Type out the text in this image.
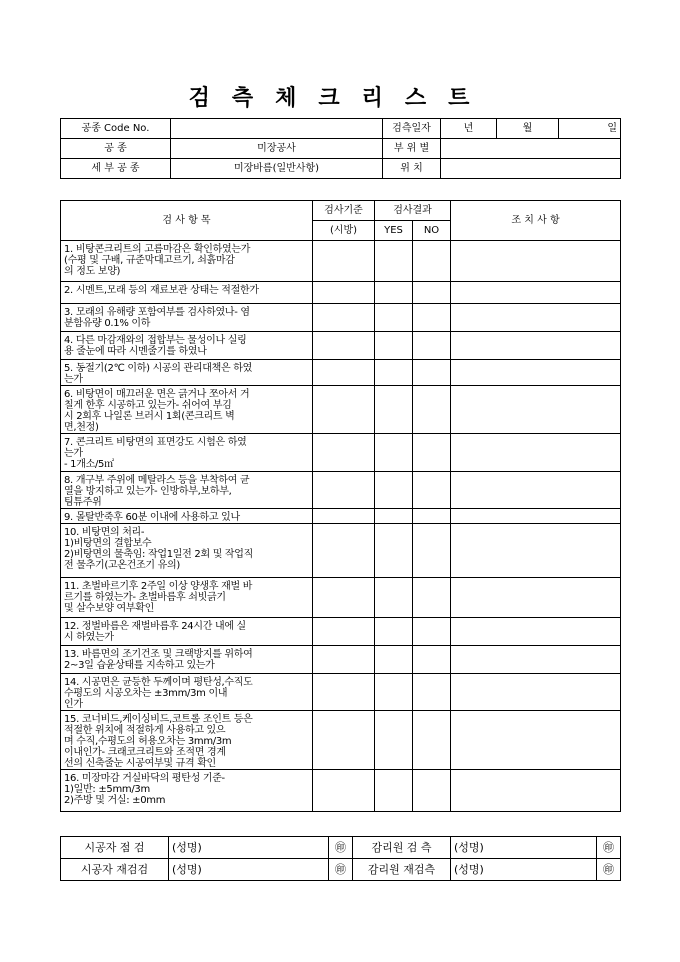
검측체크리스트
공종 Code No.		검측일자	년	월	일
공 종	미장공사	부 위 별			
세 부 공 종	미장바름(일반사항)	위 치			
검 사 항 목	검사기준	검사결과		조 치 사 항
	(시방)	YES	NO	

1. 비탕콘크리트의 고름마감은 확인하였는가
(수평 및 구배, 규준막대고르기, 쇠흙마감
의 정도 보양)				

2. 시멘트,모래 등의 재료보관 상태는 적절한가				

3. 모래의 유해량 포함여부를 검사하였나- 염
분함유량 0.1% 이하				

4. 다른 마감재와의 접합부는 물성이나 실링
용 줄눈에 따라 시멘줄기를 하였나				

5. 동절기(2℃ 이하) 시공의 관리대책은 하였
는가				

6. 비탕면이 매끄러운 면은 긁거나 쪼아서 거
칠게 한후 시공하고 있는가- 쉬어여 부김
시 2회후 나일론 브러시 1회(콘크리트 벽
면,천정)				

7. 콘크리트 비탕면의 표면강도 시험은 하였
는가
- 1개소/5㎡				

8. 개구부 주위에 메탈라스 등을 부착하여 균
열을 방지하고 있는가- 인방하부,보하부,
팀튜주위				

9. 몰탈반죽후 60분 이내에 사용하고 있나				

10. 비탕면의 처리-
1)비탕면의 결합보수
2)비탕면의 물축임: 작업1일전 2회 및 작업직
전 물추기(고온건조기 유의)				

11. 초벌바르기후 2주일 이상 양생후 재벌 바
르기를 하였는가- 초벌바름후 쇠빗긁기
및 살수보양 여부확인				

12. 정벌바름은 재벌바름후 24시간 내에 실
시 하였는가				

13. 바름면의 조기건조 및 크랙방지를 위하여
2~3일 습윤상태를 지속하고 있는가				

14. 시공면은 균등한 두께이며 평탄성,수직도
수평도의 시공오차는 ±3mm/3m 이내
인가				

15. 코너비드,케이싱비드,코트롤 조인트 등은
적절한 위치에 적절하게 사용하고 있으
며 수직,수평도의 허용오차는 3mm/3m
이내인가- 크래코크리트와 조적면 경계
선의 신축줄눈 시공여부및 규격 확인				

16. 미장마감 거실바닥의 평탄성 기준-
1)일반: ±5mm/3m
2)주방 및 거실: ±0mm				

시공자 점 검	(성명)	㊞	감리원 검 측	(성명)	㊞
시공자 재검검	(성명)	㊞	감리원 재검측	(성명)	㊞
